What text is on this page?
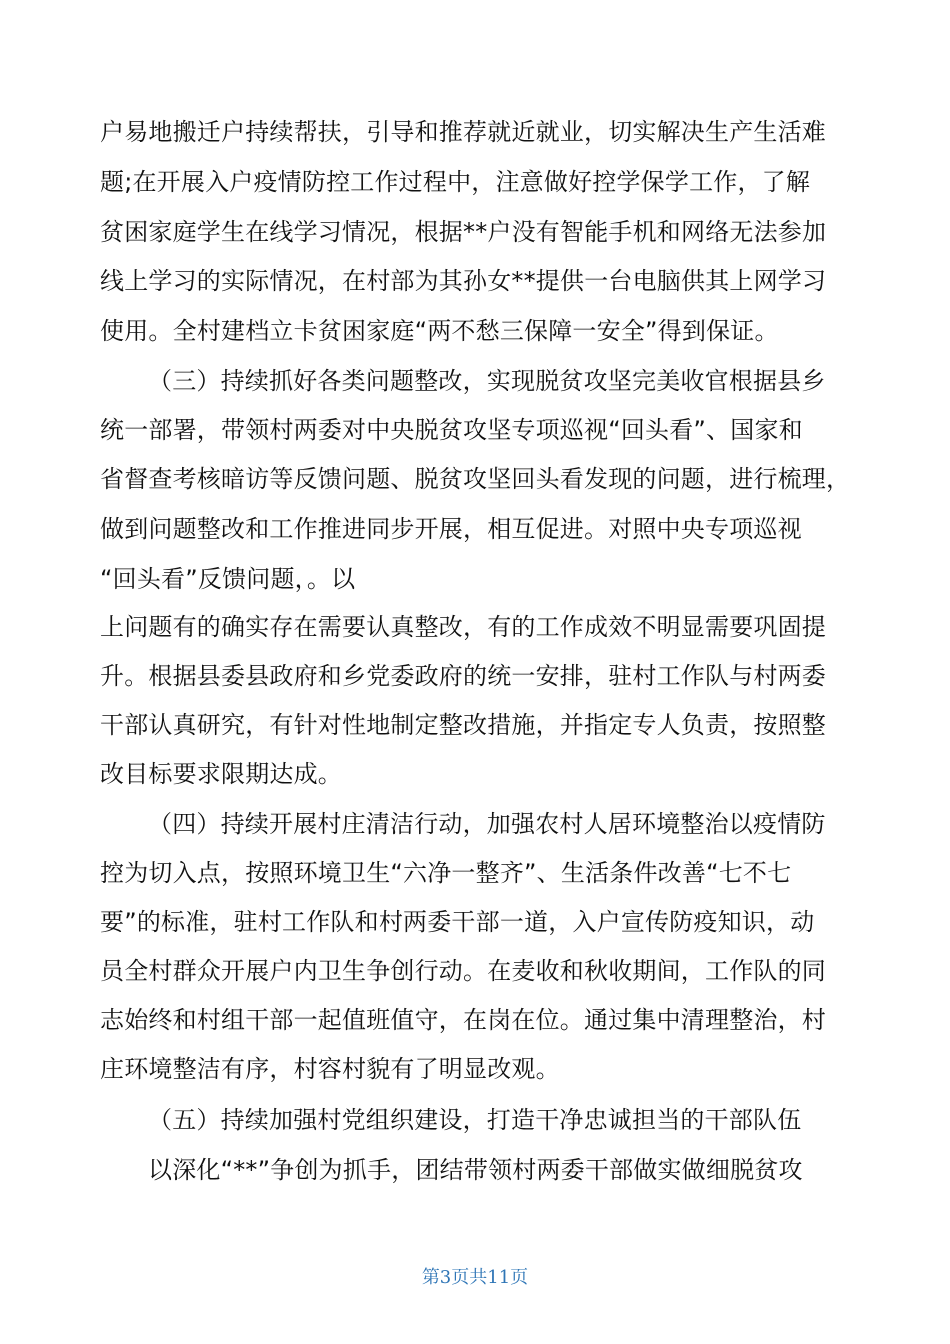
户易地搬迁户持续帮扶，引导和推荐就近就业，切实解决生产生活难
题;在开展入户疫情防控工作过程中，注意做好控学保学工作，了解
贫困家庭学生在线学习情况，根据**户没有智能手机和网络无法参加
线上学习的实际情况，在村部为其孙女**提供一台电脑供其上网学习
使用。全村建档立卡贫困家庭“两不愁三保障一安全”得到保证。
（三）持续抓好各类问题整改，实现脱贫攻坚完美收官根据县乡
统一部署，带领村两委对中央脱贫攻坚专项巡视“回头看”、国家和
省督查考核暗访等反馈问题、脱贫攻坚回头看发现的问题，进行梳理，
做到问题整改和工作推进同步开展，相互促进。对照中央专项巡视
“回头看”反馈问题，。以
上问题有的确实存在需要认真整改，有的工作成效不明显需要巩固提
升。根据县委县政府和乡党委政府的统一安排，驻村工作队与村两委
干部认真研究，有针对性地制定整改措施，并指定专人负责，按照整
改目标要求限期达成。
（四）持续开展村庄清洁行动，加强农村人居环境整治以疫情防
控为切入点，按照环境卫生“六净一整齐”、生活条件改善“七不七
要”的标准，驻村工作队和村两委干部一道，入户宣传防疫知识，动
员全村群众开展户内卫生争创行动。在麦收和秋收期间，工作队的同
志始终和村组干部一起值班值守，在岗在位。通过集中清理整治，村
庄环境整洁有序，村容村貌有了明显改观。
（五）持续加强村党组织建设，打造干净忠诚担当的干部队伍
以深化“**”争创为抓手，团结带领村两委干部做实做细脱贫攻
第3页共11页
